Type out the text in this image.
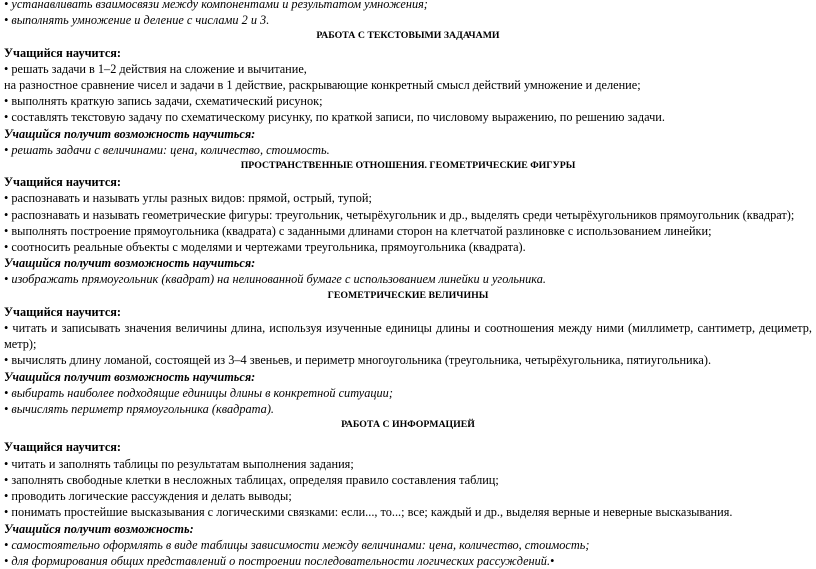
• устанавливать взаимосвязи между компонентами и результатом умножения;

• выполнять умножение и деление с числами 2 и 3.

РАБОТА С ТЕКСТОВЫМИ ЗАДАЧАМИ

Учащийся научится:

• решать задачи в 1–2 действия на сложение и вычитание,

на разностное сравнение чисел и задачи в 1 действие, раскрывающие конкретный смысл действий умножение и деление;

• выполнять краткую запись задачи, схематический рисунок;

• составлять текстовую задачу по схематическому рисунку, по краткой записи, по числовому выражению, по решению задачи.

Учащийся получит возможность научиться:

• решать задачи с величинами: цена, количество, стоимость.

ПРОСТРАНСТВЕННЫЕ ОТНОШЕНИЯ. ГЕОМЕТРИЧЕСКИЕ ФИГУРЫ

Учащийся научится:

• распознавать и называть углы разных видов: прямой, острый, тупой;

• распознавать и называть геометрические фигуры: треугольник, четырёхугольник и др., выделять среди четырёхугольников прямоугольник (квадрат);

• выполнять построение прямоугольника (квадрата) с заданными длинами сторон на клетчатой разлиновке с использованием линейки;

• соотносить реальные объекты с моделями и чертежами треугольника, прямоугольника (квадрата).

Учащийся получит возможность научиться:

• изображать прямоугольник (квадрат) на нелинованной бумаге с использованием линейки и угольника.

ГЕОМЕТРИЧЕСКИЕ ВЕЛИЧИНЫ

Учащийся научится:

• читать и записывать значения величины длина, используя изученные единицы длины и соотношения между ними (миллиметр, сантиметр, дециметр, метр);

• вычислять длину ломаной, состоящей из 3–4 звеньев, и периметр многоугольника (треугольника, четырёхугольника, пятиугольника).

Учащийся получит возможность научиться:

• выбирать наиболее подходящие единицы длины в конкретной ситуации;

• вычислять периметр прямоугольника (квадрата).

РАБОТА С ИНФОРМАЦИЕЙ

Учащийся научится:

• читать и заполнять таблицы по результатам выполнения задания;

• заполнять свободные клетки в несложных таблицах, определяя правило составления таблиц;

• проводить логические рассуждения и делать выводы;

• понимать простейшие высказывания с логическими связками: если..., то...; все; каждый и др., выделяя верные и неверные высказывания.

Учащийся получит возможность:

• самостоятельно оформлять в виде таблицы зависимости между величинами: цена, количество, стоимость;

• для формирования общих представлений о построении последовательности логических рассуждений.•
